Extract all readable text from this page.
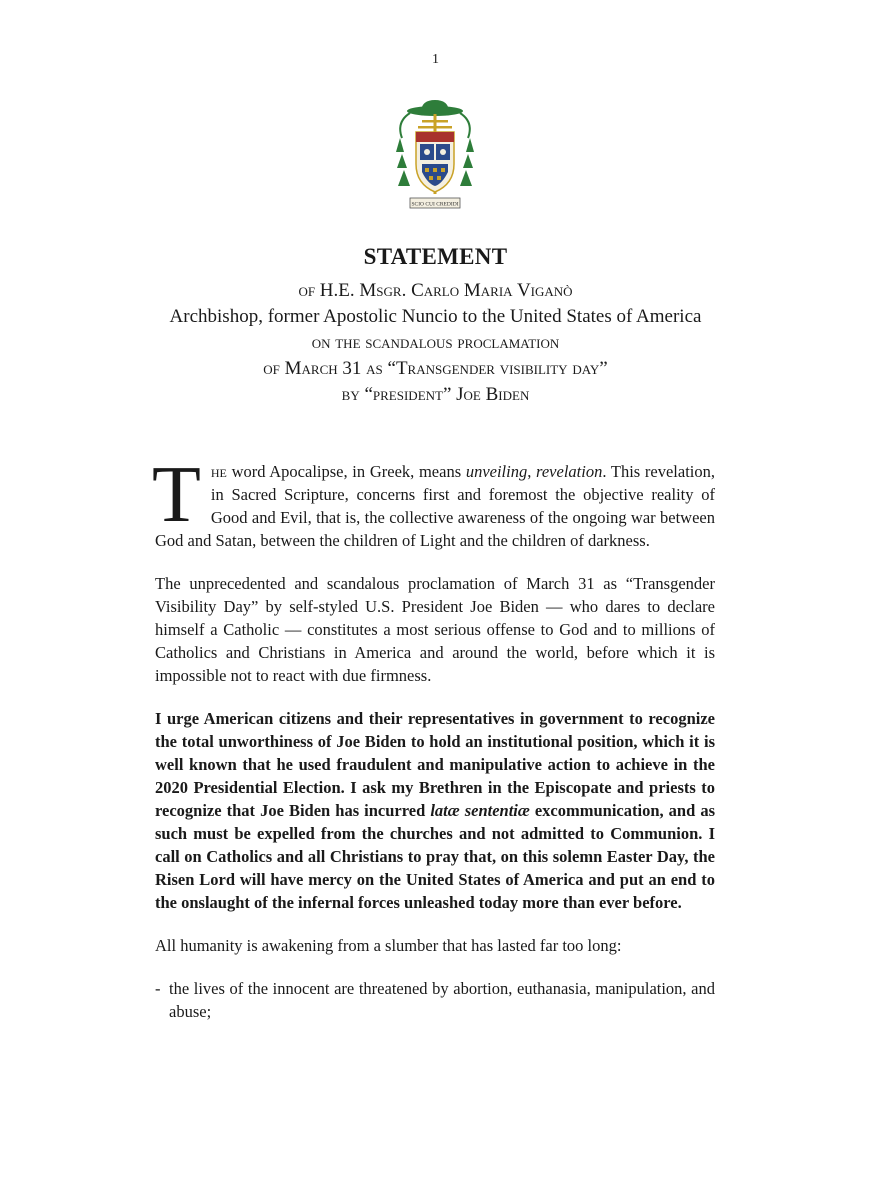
1
SCIO CUI CREDIDI
STATEMENT
of H.E. Msgr. Carlo Maria Viganò
Archbishop, former Apostolic Nuncio to the United States of America
on the scandalous proclamation
of March 31 as “Transgender visibility day”
by “president” Joe Biden

The word Apocalipse, in Greek, means unveiling, revelation. This revelation, in Sacred Scripture, concerns first and foremost the objective reality of Good and Evil, that is, the collective awareness of the ongoing war between God and Satan, between the children of Light and the children of darkness.

The unprecedented and scandalous proclamation of March 31 as “Transgender Visibility Day” by self-styled U.S. President Joe Biden — who dares to declare himself a Catholic — constitutes a most serious offense to God and to millions of Catholics and Christians in America and around the world, before which it is impossible not to react with due firmness.

I urge American citizens and their representatives in government to recognize the total unworthiness of Joe Biden to hold an institutional position, which it is well known that he used fraudulent and manipulative action to achieve in the 2020 Presidential Election. I ask my Brethren in the Episcopate and priests to recognize that Joe Biden has incurred latæ sententiæ excommunication, and as such must be expelled from the churches and not admitted to Communion. I call on Catholics and all Christians to pray that, on this solemn Easter Day, the Risen Lord will have mercy on the United States of America and put an end to the onslaught of the infernal forces unleashed today more than ever before.

All humanity is awakening from a slumber that has lasted far too long:

- the lives of the innocent are threatened by abortion, euthanasia, manipulation, and abuse;
